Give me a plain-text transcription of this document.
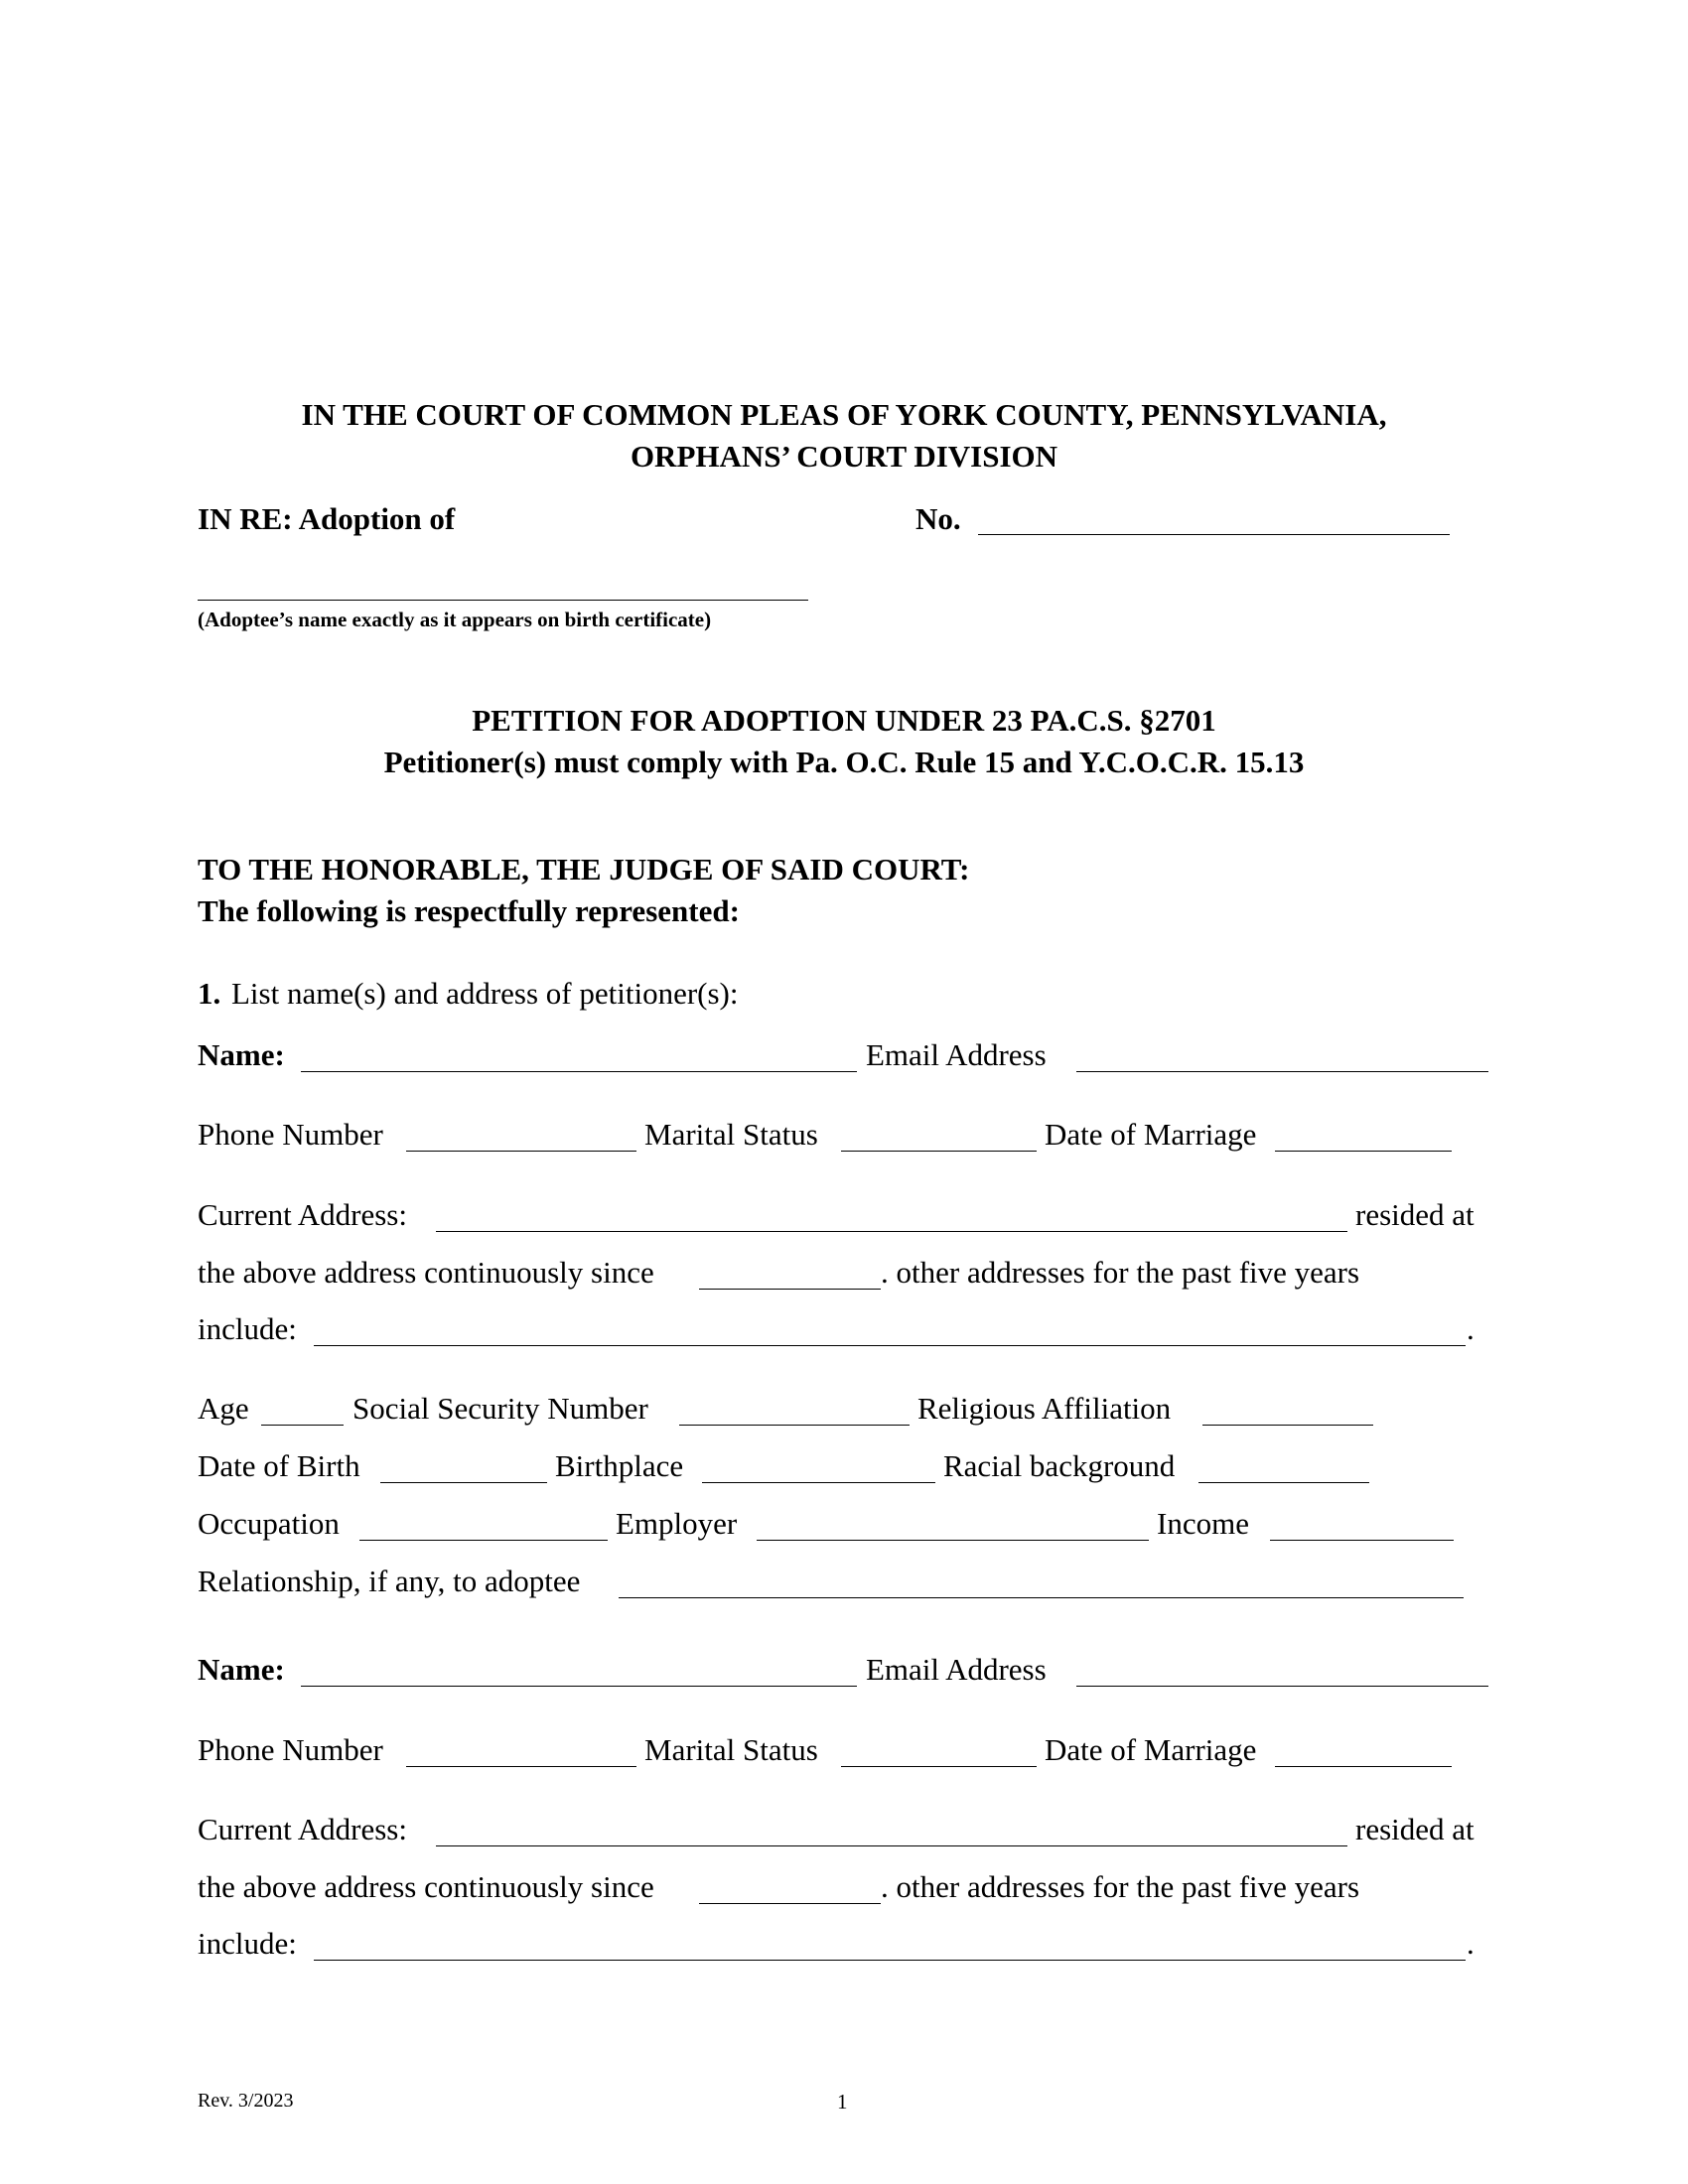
IN THE COURT OF COMMON PLEAS OF YORK COUNTY, PENNSYLVANIA,
ORPHANS’ COURT DIVISION
IN RE: Adoption of	No.
(Adoptee’s name exactly as it appears on birth certificate)
PETITION FOR ADOPTION UNDER 23 PA.C.S. §2701
Petitioner(s) must comply with Pa. O.C. Rule 15 and Y.C.O.C.R. 15.13
TO THE HONORABLE, THE JUDGE OF SAID COURT:
The following is respectfully represented:
1. List name(s) and address of petitioner(s):
Name:	Email Address
Phone Number	Marital Status	Date of Marriage
Current Address:	resided at
the above address continuously since	. other addresses for the past five years
include:	.
Age	Social Security Number	Religious Affiliation
Date of Birth	Birthplace	Racial background
Occupation	Employer	Income
Relationship, if any, to adoptee
Name:	Email Address
Phone Number	Marital Status	Date of Marriage
Current Address:	resided at
the above address continuously since	. other addresses for the past five years
include:	.
Rev. 3/2023	1
